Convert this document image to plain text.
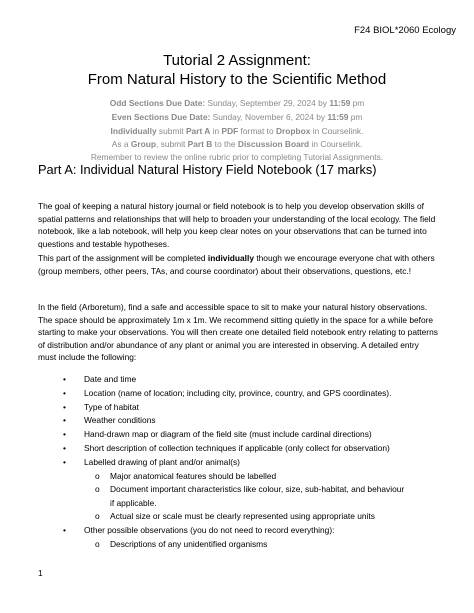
F24 BIOL*2060 Ecology
Tutorial 2 Assignment:
From Natural History to the Scientific Method
Odd Sections Due Date: Sunday, September 29, 2024 by 11:59 pm
Even Sections Due Date: Sunday, November 6, 2024 by 11:59 pm
Individually submit Part A in PDF format to Dropbox in Courselink.
As a Group, submit Part B to the Discussion Board in Courselink.
Remember to review the online rubric prior to completing Tutorial Assignments.
Part A: Individual Natural History Field Notebook (17 marks)
The goal of keeping a natural history journal or field notebook is to help you develop observation skills of spatial patterns and relationships that will help to broaden your understanding of the local ecology. The field notebook, like a lab notebook, will help you keep clear notes on your observations that can be turned into questions and testable hypotheses.
This part of the assignment will be completed individually though we encourage everyone chat with others (group members, other peers, TAs, and course coordinator) about their observations, questions, etc.!
In the field (Arboretum), find a safe and accessible space to sit to make your natural history observations. The space should be approximately 1m x 1m. We recommend sitting quietly in the space for a while before starting to make your observations. You will then create one detailed field notebook entry relating to patterns of distribution and/or abundance of any plant or animal you are interested in observing. A detailed entry must include the following:
• Date and time
• Location (name of location; including city, province, country, and GPS coordinates).
• Type of habitat
• Weather conditions
• Hand-drawn map or diagram of the field site (must include cardinal directions)
• Short description of collection techniques if applicable (only collect for observation)
• Labelled drawing of plant and/or animal(s)
o Major anatomical features should be labelled
o Document important characteristics like colour, size, sub-habitat, and behaviour if applicable.
o Actual size or scale must be clearly represented using appropriate units
• Other possible observations (you do not need to record everything):
o Descriptions of any unidentified organisms
1
